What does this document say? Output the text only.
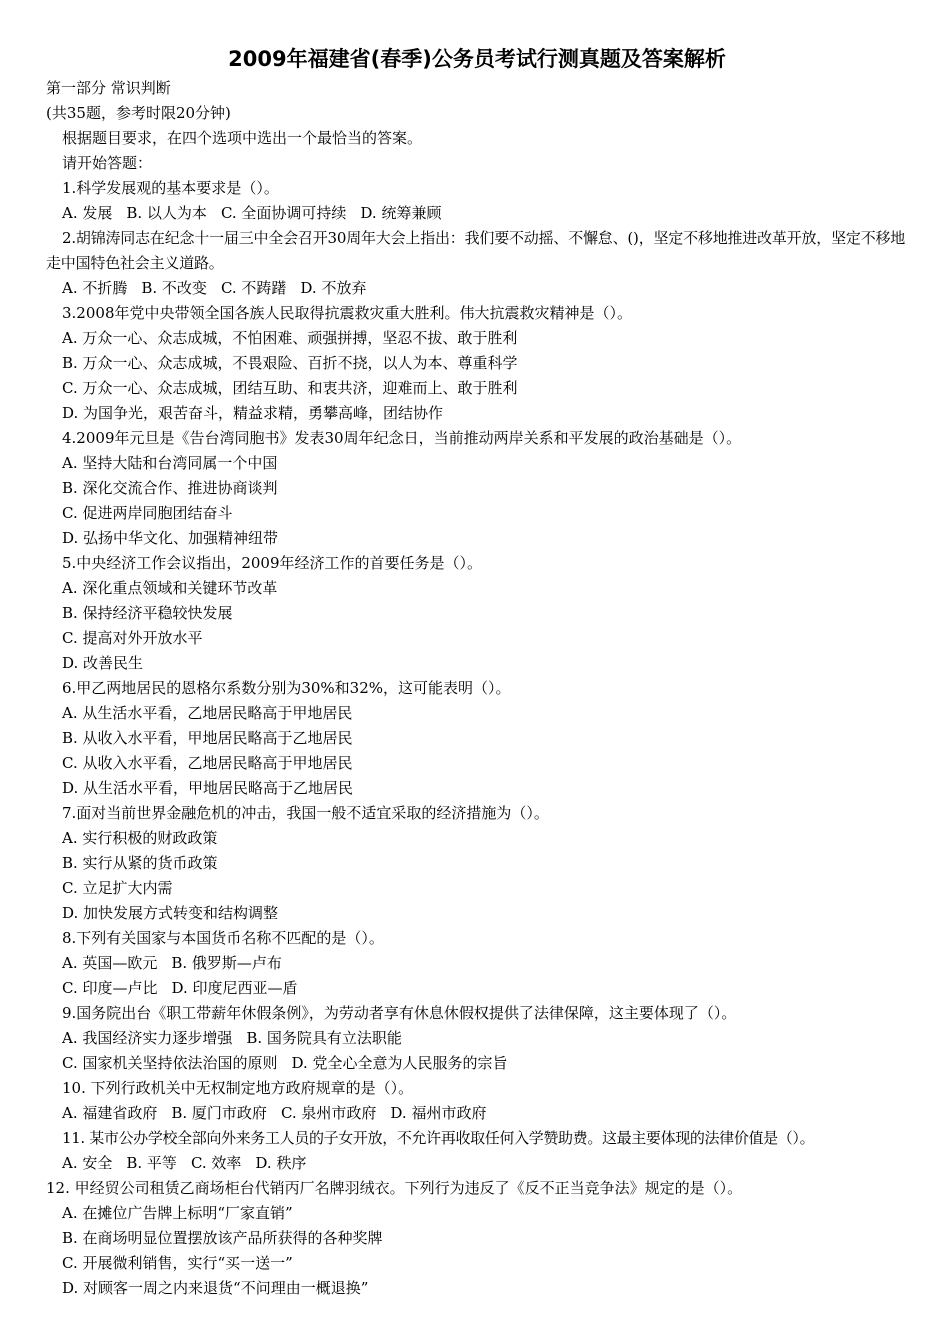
2009年福建省(春季)公务员考试行测真题及答案解析
第一部分 常识判断
(共35题，参考时限20分钟)
根据题目要求，在四个选项中选出一个最恰当的答案。
请开始答题：
1.科学发展观的基本要求是（）。
A. 发展 B. 以人为本 C. 全面协调可持续 D. 统筹兼顾
2.胡锦涛同志在纪念十一届三中全会召开30周年大会上指出：我们要不动摇、不懈怠、()，坚定不移地推进改革开放，坚定不移地走中国特色社会主义道路。
A. 不折腾 B. 不改变 C. 不踌躇 D. 不放弃
3.2008年党中央带领全国各族人民取得抗震救灾重大胜利。伟大抗震救灾精神是（）。
A. 万众一心、众志成城，不怕困难、顽强拼搏，坚忍不拔、敢于胜利
B. 万众一心、众志成城，不畏艰险、百折不挠，以人为本、尊重科学
C. 万众一心、众志成城，团结互助、和衷共济，迎难而上、敢于胜利
D. 为国争光，艰苦奋斗，精益求精，勇攀高峰，团结协作
4.2009年元旦是《告台湾同胞书》发表30周年纪念日，当前推动两岸关系和平发展的政治基础是（）。
A. 坚持大陆和台湾同属一个中国
B. 深化交流合作、推进协商谈判
C. 促进两岸同胞团结奋斗
D. 弘扬中华文化、加强精神纽带
5.中央经济工作会议指出，2009年经济工作的首要任务是（）。
A. 深化重点领域和关键环节改革
B. 保持经济平稳较快发展
C. 提高对外开放水平
D. 改善民生
6.甲乙两地居民的恩格尔系数分别为30%和32%，这可能表明（）。
A. 从生活水平看，乙地居民略高于甲地居民
B. 从收入水平看，甲地居民略高于乙地居民
C. 从收入水平看，乙地居民略高于甲地居民
D. 从生活水平看，甲地居民略高于乙地居民
7.面对当前世界金融危机的冲击，我国一般不适宜采取的经济措施为（）。
A. 实行积极的财政政策
B. 实行从紧的货币政策
C. 立足扩大内需
D. 加快发展方式转变和结构调整
8.下列有关国家与本国货币名称不匹配的是（）。
A. 英国—欧元 B. 俄罗斯—卢布
C. 印度—卢比 D. 印度尼西亚—盾
9.国务院出台《职工带薪年休假条例》，为劳动者享有休息休假权提供了法律保障，这主要体现了（）。
A. 我国经济实力逐步增强 B. 国务院具有立法职能
C. 国家机关坚持依法治国的原则 D. 党全心全意为人民服务的宗旨
10. 下列行政机关中无权制定地方政府规章的是（）。
A. 福建省政府 B. 厦门市政府 C. 泉州市政府 D. 福州市政府
11. 某市公办学校全部向外来务工人员的子女开放，不允许再收取任何入学赞助费。这最主要体现的法律价值是（）。
A. 安全 B. 平等 C. 效率 D. 秩序
12. 甲经贸公司租赁乙商场柜台代销丙厂名牌羽绒衣。下列行为违反了《反不正当竞争法》规定的是（）。
A. 在摊位广告牌上标明“厂家直销”
B. 在商场明显位置摆放该产品所获得的各种奖牌
C. 开展微利销售，实行“买一送一”
D. 对顾客一周之内来退货“不问理由一概退换”
